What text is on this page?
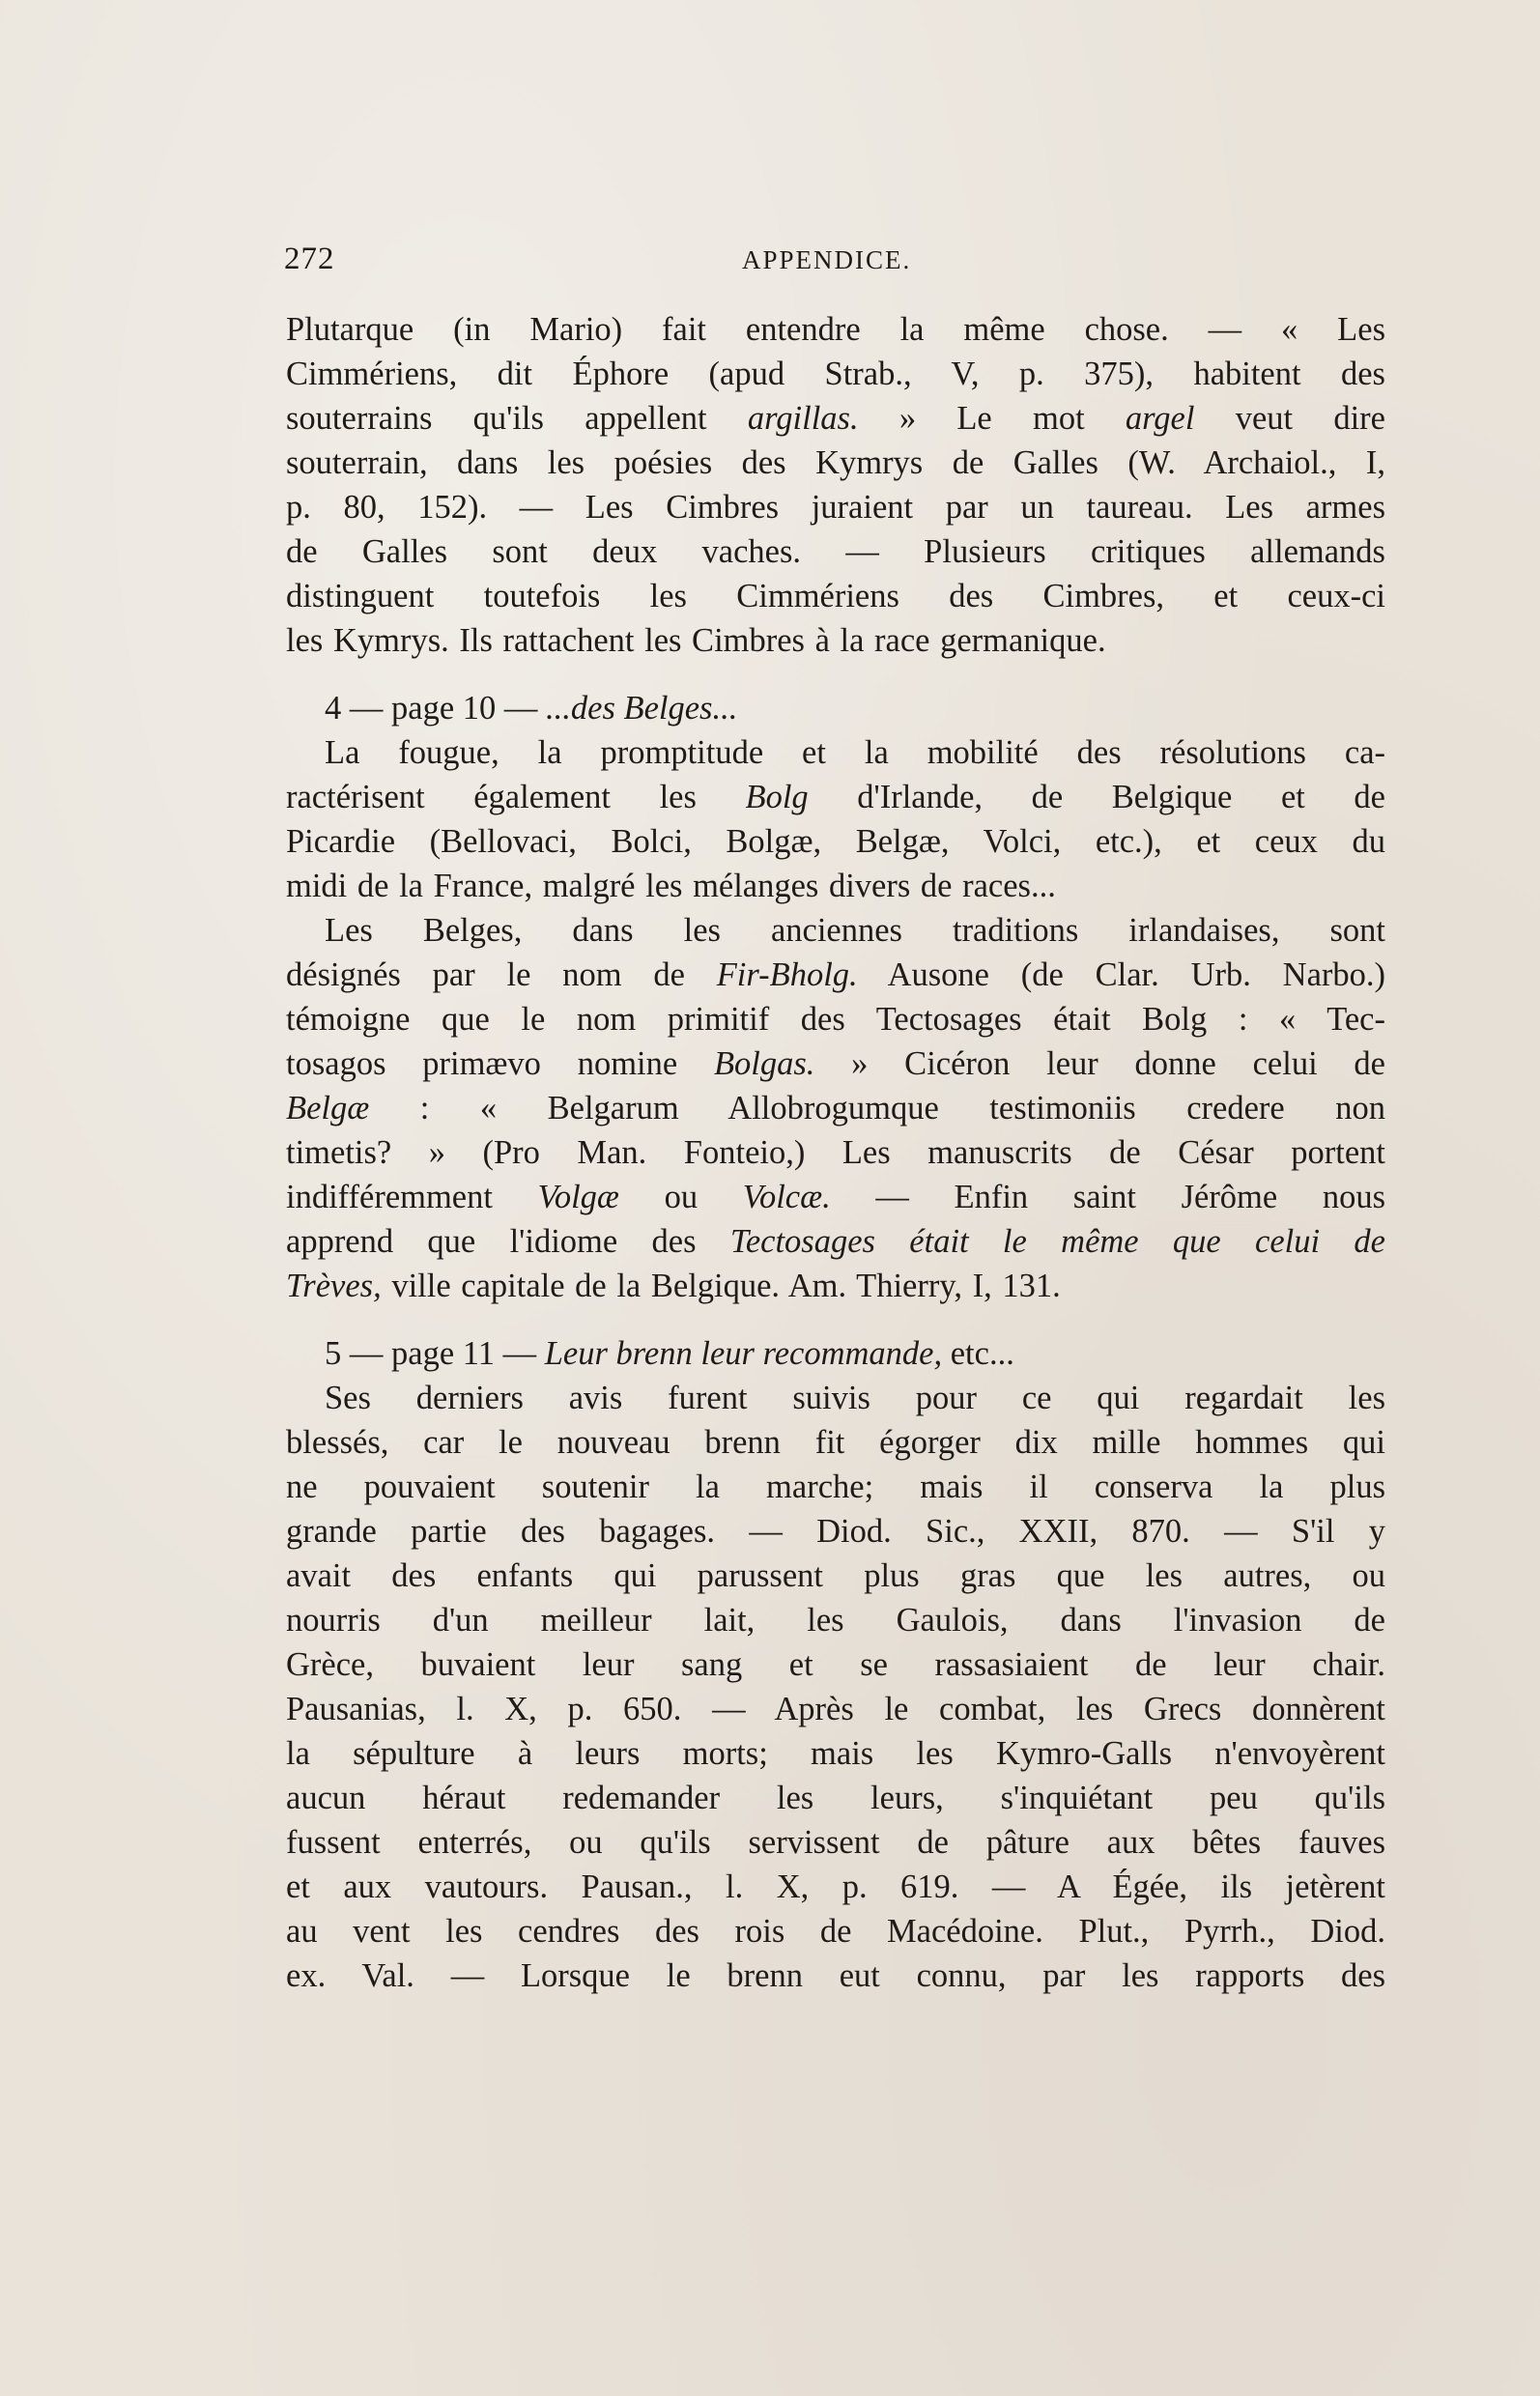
272	APPENDICE.
Plutarque (in Mario) fait entendre la même chose. — « Les
Cimmériens, dit Éphore (apud Strab., V, p. 375), habitent des
souterrains qu'ils appellent argillas. » Le mot argel veut dire
souterrain, dans les poésies des Kymrys de Galles (W. Archaiol., I,
p. 80, 152). — Les Cimbres juraient par un taureau. Les armes
de Galles sont deux vaches. — Plusieurs critiques allemands
distinguent toutefois les Cimmériens des Cimbres, et ceux-ci
les Kymrys. Ils rattachent les Cimbres à la race germanique.
4 — page 10 — ...des Belges...
La fougue, la promptitude et la mobilité des résolutions ca-
ractérisent également les Bolg d'Irlande, de Belgique et de
Picardie (Bellovaci, Bolci, Bolgæ, Belgæ, Volci, etc.), et ceux du
midi de la France, malgré les mélanges divers de races...
Les Belges, dans les anciennes traditions irlandaises, sont
désignés par le nom de Fir-Bholg. Ausone (de Clar. Urb. Narbo.)
témoigne que le nom primitif des Tectosages était Bolg : « Tec-
tosagos primævo nomine Bolgas. » Cicéron leur donne celui de
Belgæ : « Belgarum Allobrogumque testimoniis credere non
timetis? » (Pro Man. Fonteio,) Les manuscrits de César portent
indifféremment Volgæ ou Volcæ. — Enfin saint Jérôme nous
apprend que l'idiome des Tectosages était le même que celui de
Trèves, ville capitale de la Belgique. Am. Thierry, I, 131.
5 — page 11 — Leur brenn leur recommande, etc...
Ses derniers avis furent suivis pour ce qui regardait les
blessés, car le nouveau brenn fit égorger dix mille hommes qui
ne pouvaient soutenir la marche; mais il conserva la plus
grande partie des bagages. — Diod. Sic., XXII, 870. — S'il y
avait des enfants qui parussent plus gras que les autres, ou
nourris d'un meilleur lait, les Gaulois, dans l'invasion de
Grèce, buvaient leur sang et se rassasiaient de leur chair.
Pausanias, l. X, p. 650. — Après le combat, les Grecs donnèrent
la sépulture à leurs morts; mais les Kymro-Galls n'envoyèrent
aucun héraut redemander les leurs, s'inquiétant peu qu'ils
fussent enterrés, ou qu'ils servissent de pâture aux bêtes fauves
et aux vautours. Pausan., l. X, p. 619. — A Égée, ils jetèrent
au vent les cendres des rois de Macédoine. Plut., Pyrrh., Diod.
ex. Val. — Lorsque le brenn eut connu, par les rapports des
